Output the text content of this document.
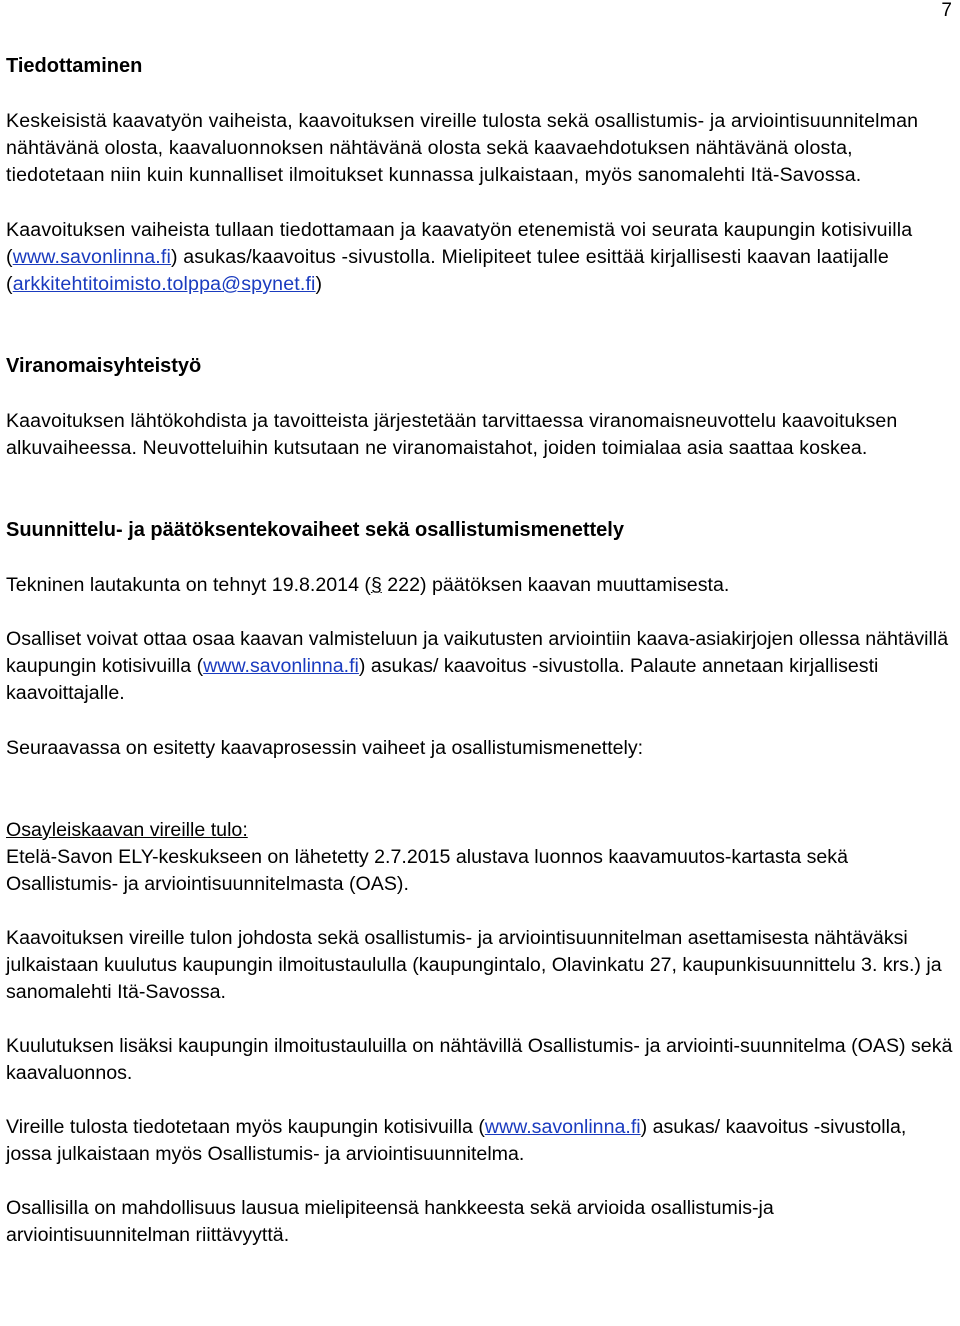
7
Tiedottaminen

Keskeisistä kaavatyön vaiheista, kaavoituksen vireille tulosta sekä osallistumis- ja arviointisuunnitelman nähtävänä olosta, kaavaluonnoksen nähtävänä olosta sekä kaavaehdotuksen nähtävänä olosta, tiedotetaan niin kuin kunnalliset ilmoitukset kunnassa julkaistaan, myös sanomalehti Itä-Savossa.

Kaavoituksen vaiheista tullaan tiedottamaan ja kaavatyön etenemistä voi seurata kaupungin kotisivuilla (www.savonlinna.fi) asukas/kaavoitus -sivustolla. Mielipiteet tulee esittää kirjallisesti kaavan laatijalle (arkkitehtitoimisto.tolppa@spynet.fi)

Viranomaisyhteistyö

Kaavoituksen lähtökohdista ja tavoitteista järjestetään tarvittaessa viranomaisneuvottelu kaavoituksen alkuvaiheessa. Neuvotteluihin kutsutaan ne viranomaistahot, joiden toimialaa asia saattaa koskea.

Suunnittelu- ja päätöksentekovaiheet sekä osallistumismenettely

Tekninen lautakunta on tehnyt 19.8.2014 (§ 222) päätöksen kaavan muuttamisesta.

Osalliset voivat ottaa osaa kaavan valmisteluun ja vaikutusten arviointiin kaava-asiakirjojen ollessa nähtävillä kaupungin kotisivuilla (www.savonlinna.fi) asukas/ kaavoitus -sivustolla. Palaute annetaan kirjallisesti kaavoittajalle.

Seuraavassa on esitetty kaavaprosessin vaiheet ja osallistumismenettely:

Osayleiskaavan vireille tulo:

Etelä-Savon ELY-keskukseen on lähetetty 2.7.2015 alustava luonnos kaavamuutos-kartasta sekä Osallistumis- ja arviointisuunnitelmasta (OAS).

Kaavoituksen vireille tulon johdosta sekä osallistumis- ja arviointisuunnitelman asettamisesta nähtäväksi julkaistaan kuulutus kaupungin ilmoitustaululla (kaupungintalo, Olavinkatu 27, kaupunkisuunnittelu 3. krs.) ja sanomalehti Itä-Savossa.

Kuulutuksen lisäksi kaupungin ilmoitustauluilla on nähtävillä Osallistumis- ja arviointi-suunnitelma (OAS) sekä kaavaluonnos.

Vireille tulosta tiedotetaan myös kaupungin kotisivuilla (www.savonlinna.fi) asukas/ kaavoitus -sivustolla, jossa julkaistaan myös Osallistumis- ja arviointisuunnitelma.

Osallisilla on mahdollisuus lausua mielipiteensä hankkeesta sekä arvioida osallistumis-ja arviointisuunnitelman riittävyyttä.
